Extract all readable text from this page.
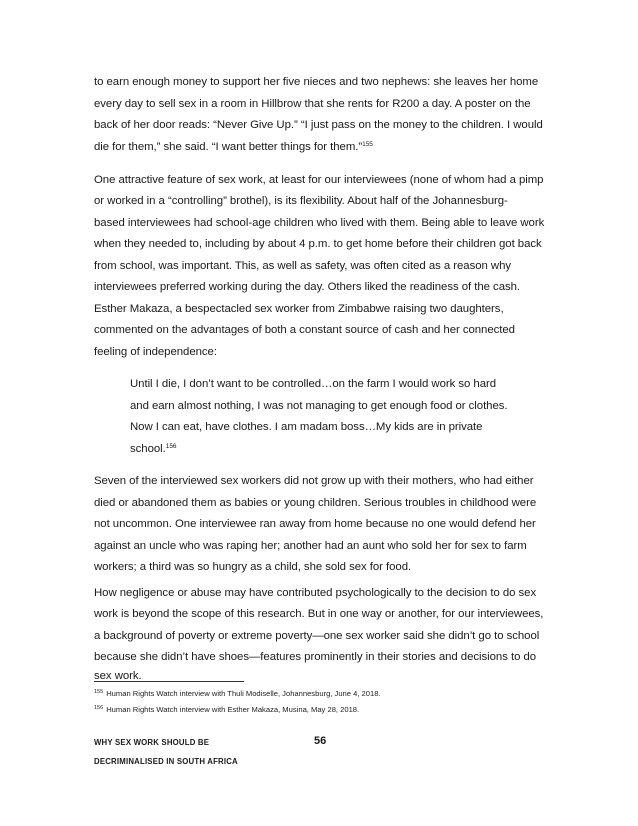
to earn enough money to support her five nieces and two nephews: she leaves her home
every day to sell sex in a room in Hillbrow that she rents for R200 a day. A poster on the
back of her door reads: “Never Give Up.” “I just pass on the money to the children. I would
die for them,” she said. “I want better things for them.”$^{155}$
One attractive feature of sex work, at least for our interviewees (none of whom had a pimp
or worked in a “controlling” brothel), is its flexibility. About half of the Johannesburg-
based interviewees had school-age children who lived with them. Being able to leave work
when they needed to, including by about 4 p.m. to get home before their children got back
from school, was important. This, as well as safety, was often cited as a reason why
interviewees preferred working during the day. Others liked the readiness of the cash.
Esther Makaza, a bespectacled sex worker from Zimbabwe raising two daughters,
commented on the advantages of both a constant source of cash and her connected
feeling of independence:
Until I die, I don’t want to be controlled…on the farm I would work so hard
and earn almost nothing, I was not managing to get enough food or clothes.
Now I can eat, have clothes. I am madam boss…My kids are in private
school.$^{156}$
Seven of the interviewed sex workers did not grow up with their mothers, who had either
died or abandoned them as babies or young children. Serious troubles in childhood were
not uncommon. One interviewee ran away from home because no one would defend her
against an uncle who was raping her; another had an aunt who sold her for sex to farm
workers; a third was so hungry as a child, she sold sex for food.
How negligence or abuse may have contributed psychologically to the decision to do sex
work is beyond the scope of this research. But in one way or another, for our interviewees,
a background of poverty or extreme poverty—one sex worker said she didn’t go to school
because she didn’t have shoes—features prominently in their stories and decisions to do
sex work.
$^{155}$ Human Rights Watch interview with Thuli Modiselle, Johannesburg, June 4, 2018.
$^{156}$ Human Rights Watch interview with Esther Makaza, Musina, May 28, 2018.
WHY SEX WORK SHOULD BE	56
DECRIMINALISED IN SOUTH AFRICA
